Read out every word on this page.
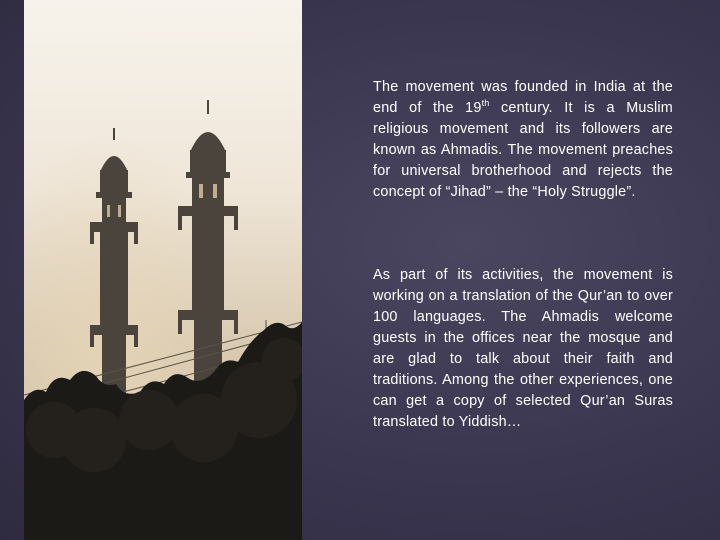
The movement was founded in India at the end of the 19th century. It is a Muslim religious movement and its followers are known as Ahmadis. The movement preaches for universal brotherhood and rejects the concept of “Jihad” – the “Holy Struggle”.
As part of its activities, the movement is working on a translation of the Qur’an to over 100 languages. The Ahmadis welcome guests in the offices near the mosque and are glad to talk about their faith and traditions. Among the other experiences, one can get a copy of selected Qur’an Suras translated to Yiddish…
